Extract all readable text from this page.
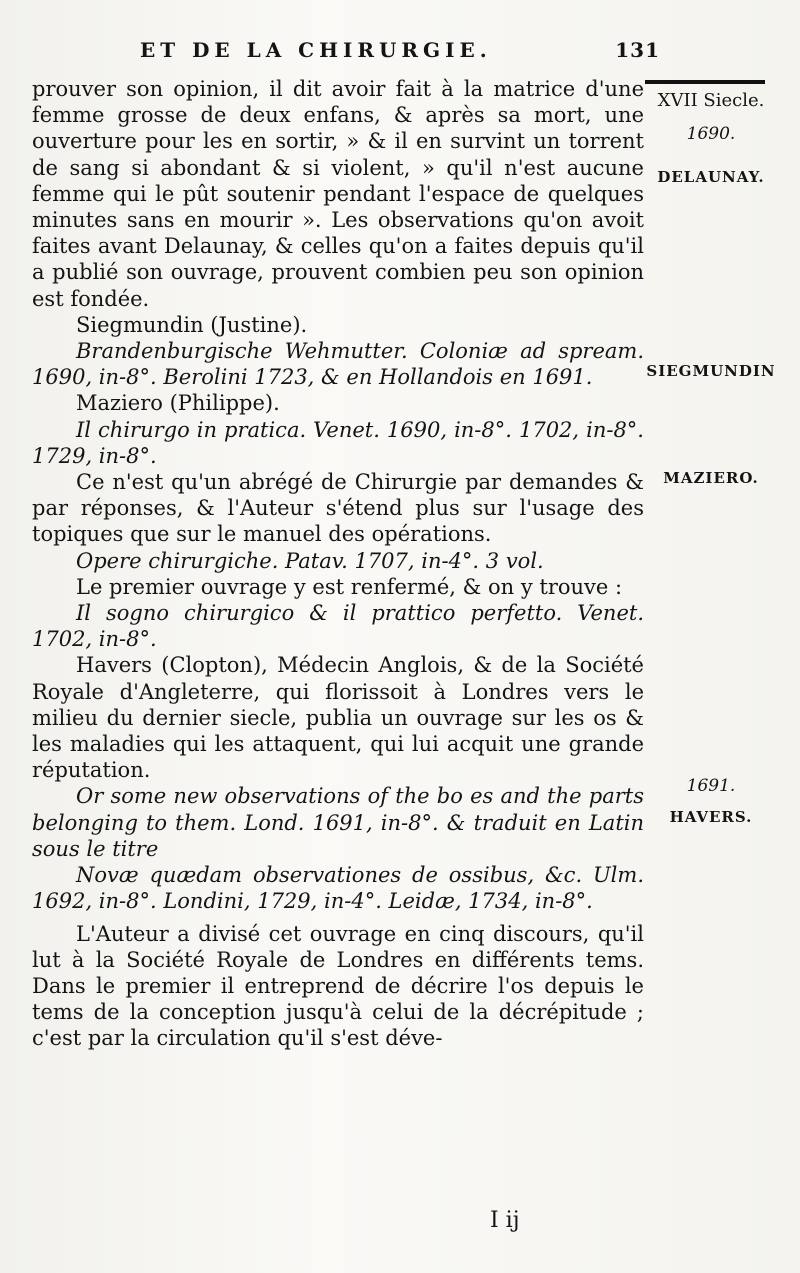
ET DE LA CHIRURGIE.	131
XVII Siecle.
1690.
DELAUNAY.
SIEGMUNDIN
MAZIERO.
1691.
HAVERS.

prouver son opinion, il dit avoir fait à la matrice d'une femme grosse de deux enfans, & après sa mort, une ouverture pour les en sortir, » & il en survint un torrent de sang si abondant & si violent, » qu'il n'est aucune femme qui le pût soutenir pendant l'espace de quelques minutes sans en mourir ». Les observations qu'on avoit faites avant Delaunay, & celles qu'on a faites depuis qu'il a publié son ouvrage, prouvent combien peu son opinion est fondée.

Siegmundin (Justine).

Brandenburgische Wehmutter. Coloniæ ad spream. 1690, in-8°. Berolini 1723, & en Hollandois en 1691.

Maziero (Philippe).

Il chirurgo in pratica. Venet. 1690, in-8°. 1702, in-8°. 1729, in-8°.

Ce n'est qu'un abrégé de Chirurgie par demandes & par réponses, & l'Auteur s'étend plus sur l'usage des topiques que sur le manuel des opérations.

Opere chirurgiche. Patav. 1707, in-4°. 3 vol.

Le premier ouvrage y est renfermé, & on y trouve :

Il sogno chirurgico & il prattico perfetto. Venet. 1702, in-8°.

Havers (Clopton), Médecin Anglois, & de la Société Royale d'Angleterre, qui florissoit à Londres vers le milieu du dernier siecle, publia un ouvrage sur les os & les maladies qui les attaquent, qui lui acquit une grande réputation.

Or some new observations of the bo es and the parts belonging to them. Lond. 1691, in-8°. & traduit en Latin sous le titre

Novæ quædam observationes de ossibus, &c. Ulm. 1692, in-8°. Londini, 1729, in-4°. Leidæ, 1734, in-8°.

L'Auteur a divisé cet ouvrage en cinq discours, qu'il lut à la Société Royale de Londres en différents tems. Dans le premier il entreprend de décrire l'os depuis le tems de la conception jusqu'à celui de la décrépitude ; c'est par la circulation qu'il s'est déve-

I ij
